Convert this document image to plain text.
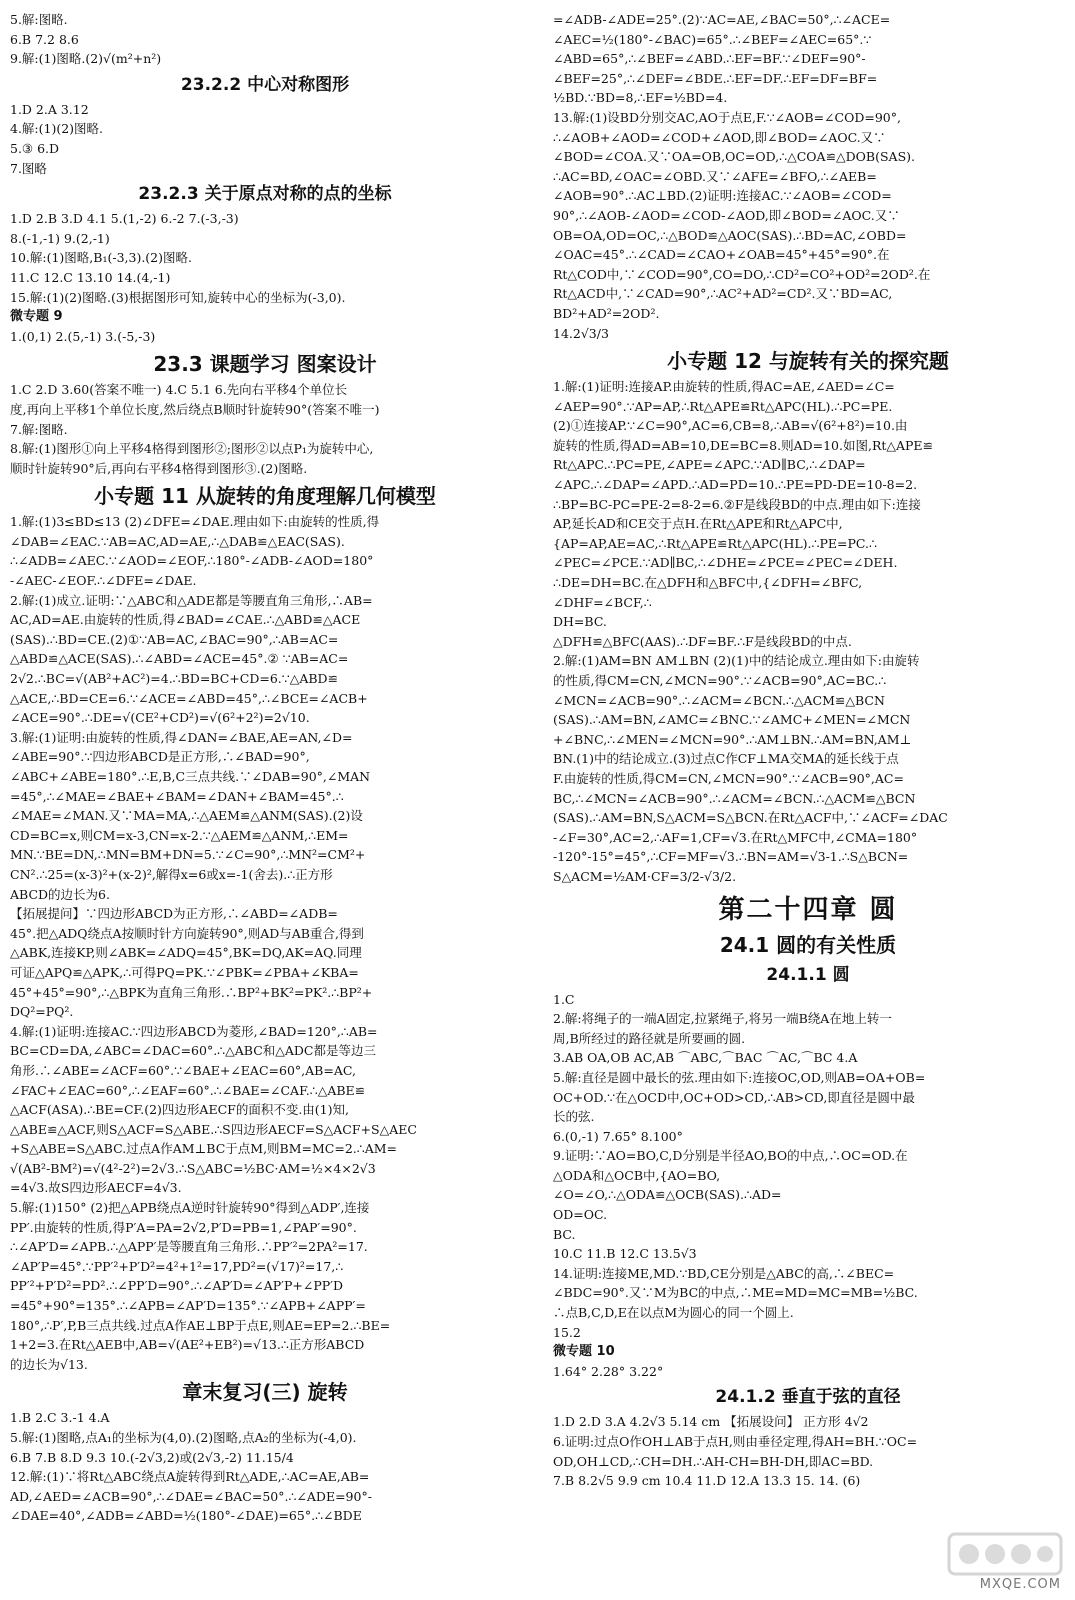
5.解:图略.
6.B 7.2 8.6
9.解:(1)图略.(2)√(m²+n²)
23.2.2 中心对称图形
1.D 2.A 3.12
4.解:(1)(2)图略.
5.③ 6.D
7.图略
23.2.3 关于原点对称的点的坐标
1.D 2.B 3.D 4.1 5.(1,-2) 6.-2 7.(-3,-3)
8.(-1,-1) 9.(2,-1)
10.解:(1)图略,B₁(-3,3).(2)图略.
11.C 12.C 13.10 14.(4,-1)
15.解:(1)(2)图略.(3)根据图形可知,旋转中心的坐标为(-3,0).
微专题 9
1.(0,1) 2.(5,-1) 3.(-5,-3)
23.3 课题学习 图案设计
1.C 2.D 3.60(答案不唯一) 4.C 5.1 6.先向右平移4个单位长
度,再向上平移1个单位长度,然后绕点B顺时针旋转90°(答案不唯一)
7.解:图略.
8.解:(1)图形①向上平移4格得到图形②;图形②以点P₁为旋转中心,
顺时针旋转90°后,再向右平移4格得到图形③.(2)图略.
小专题 11 从旋转的角度理解几何模型
1.解:(1)3≤BD≤13 (2)∠DFE=∠DAE.理由如下:由旋转的性质,得
∠DAB=∠EAC.∵AB=AC,AD=AE,∴△DAB≌△EAC(SAS).
∴∠ADB=∠AEC.∵∠AOD=∠EOF,∴180°-∠ADB-∠AOD=180°
-∠AEC-∠EOF.∴∠DFE=∠DAE.
2.解:(1)成立.证明:∵△ABC和△ADE都是等腰直角三角形,∴AB=
AC,AD=AE.由旋转的性质,得∠BAD=∠CAE.∴△ABD≌△ACE
(SAS).∴BD=CE.(2)①∵AB=AC,∠BAC=90°,∴AB=AC=
△ABD≌△ACE(SAS).∴∠ABD=∠ACE=45°.② ∵AB=AC=
2√2.∴BC=√(AB²+AC²)=4.∴BD=BC+CD=6.∵△ABD≌
△ACE,∴BD=CE=6.∵∠ACE=∠ABD=45°,∴∠BCE=∠ACB+
∠ACE=90°.∴DE=√(CE²+CD²)=√(6²+2²)=2√10.
3.解:(1)证明:由旋转的性质,得∠DAN=∠BAE,AE=AN,∠D=
∠ABE=90°.∵四边形ABCD是正方形,∴∠BAD=90°,
∠ABC+∠ABE=180°.∴E,B,C三点共线.∵∠DAB=90°,∠MAN
=45°,∴∠MAE=∠BAE+∠BAM=∠DAN+∠BAM=45°.∴
∠MAE=∠MAN.又∵MA=MA,∴△AEM≌△ANM(SAS).(2)设
CD=BC=x,则CM=x-3,CN=x-2.∵△AEM≌△ANM,∴EM=
MN.∵BE=DN,∴MN=BM+DN=5.∵∠C=90°,∴MN²=CM²+
CN².∴25=(x-3)²+(x-2)²,解得x=6或x=-1(舍去).∴正方形
ABCD的边长为6.
【拓展提问】∵四边形ABCD为正方形,∴∠ABD=∠ADB=
45°.把△ADQ绕点A按顺时针方向旋转90°,则AD与AB重合,得到
△ABK,连接KP,则∠ABK=∠ADQ=45°,BK=DQ,AK=AQ.同理
可证△APQ≌△APK,∴可得PQ=PK.∵∠PBK=∠PBA+∠KBA=
45°+45°=90°,∴△BPK为直角三角形.∴BP²+BK²=PK².∴BP²+
DQ²=PQ².
4.解:(1)证明:连接AC.∵四边形ABCD为菱形,∠BAD=120°,∴AB=
BC=CD=DA,∠ABC=∠DAC=60°.∴△ABC和△ADC都是等边三
角形.∴∠ABE=∠ACF=60°.∵∠BAE+∠EAC=60°,AB=AC,
∠FAC+∠EAC=60°,∴∠EAF=60°.∴∠BAE=∠CAF.∴△ABE≌
△ACF(ASA).∴BE=CF.(2)四边形AECF的面积不变.由(1)知,
△ABE≌△ACF,则S△ACF=S△ABE.∴S四边形AECF=S△ACF+S△AEC
+S△ABE=S△ABC.过点A作AM⊥BC于点M,则BM=MC=2.∴AM=
√(AB²-BM²)=√(4²-2²)=2√3.∴S△ABC=½BC·AM=½×4×2√3
=4√3.故S四边形AECF=4√3.
5.解:(1)150° (2)把△APB绕点A逆时针旋转90°得到△ADP′,连接
PP′.由旋转的性质,得P′A=PA=2√2,P′D=PB=1,∠PAP′=90°.
∴∠AP′D=∠APB.∴△APP′是等腰直角三角形.∴PP′²=2PA²=17.
∠AP′P=45°.∵PP′²+P′D²=4²+1²=17,PD²=(√17)²=17,∴
PP′²+P′D²=PD².∴∠PP′D=90°.∴∠AP′D=∠AP′P+∠PP′D
=45°+90°=135°.∴∠APB=∠AP′D=135°.∵∠APB+∠APP′=
180°,∴P′,P,B三点共线.过点A作AE⊥BP于点E,则AE=EP=2.∴BE=
1+2=3.在Rt△AEB中,AB=√(AE²+EB²)=√13.∴正方形ABCD
的边长为√13.
章末复习(三) 旋转
1.B 2.C 3.-1 4.A
5.解:(1)图略,点A₁的坐标为(4,0).(2)图略,点A₂的坐标为(-4,0).
6.B 7.B 8.D 9.3 10.(-2√3,2)或(2√3,-2) 11.15/4
12.解:(1)∵将Rt△ABC绕点A旋转得到Rt△ADE,∴AC=AE,AB=
AD,∠AED=∠ACB=90°,∴∠DAE=∠BAC=50°.∴∠ADE=90°-
∠DAE=40°,∠ADB=∠ABD=½(180°-∠DAE)=65°.∴∠BDE
=∠ADB-∠ADE=25°.(2)∵AC=AE,∠BAC=50°,∴∠ACE=
∠AEC=½(180°-∠BAC)=65°.∴∠BEF=∠AEC=65°.∵
∠ABD=65°,∴∠BEF=∠ABD.∴EF=BF.∵∠DEF=90°-
∠BEF=25°,∴∠DEF=∠BDE.∴EF=DF.∴EF=DF=BF=
½BD.∵BD=8,∴EF=½BD=4.
13.解:(1)设BD分别交AC,AO于点E,F.∵∠AOB=∠COD=90°,
∴∠AOB+∠AOD=∠COD+∠AOD,即∠BOD=∠AOC.又∵
∠BOD=∠COA.又∵OA=OB,OC=OD,∴△COA≌△DOB(SAS).
∴AC=BD,∠OAC=∠OBD.又∵∠AFE=∠BFO,∴∠AEB=
∠AOB=90°.∴AC⊥BD.(2)证明:连接AC.∵∠AOB=∠COD=
90°,∴∠AOB-∠AOD=∠COD-∠AOD,即∠BOD=∠AOC.又∵
OB=OA,OD=OC,∴△BOD≌△AOC(SAS).∴BD=AC,∠OBD=
∠OAC=45°.∴∠CAD=∠CAO+∠OAB=45°+45°=90°.在
Rt△COD中,∵∠COD=90°,CO=DO,∴CD²=CO²+OD²=2OD².在
Rt△ACD中,∵∠CAD=90°,∴AC²+AD²=CD².又∵BD=AC,
BD²+AD²=2OD².
14.2√3/3
小专题 12 与旋转有关的探究题
1.解:(1)证明:连接AP.由旋转的性质,得AC=AE,∠AED=∠C=
∠AEP=90°.∵AP=AP,∴Rt△APE≌Rt△APC(HL).∴PC=PE.
(2)①连接AP.∵∠C=90°,AC=6,CB=8,∴AB=√(6²+8²)=10.由
旋转的性质,得AD=AB=10,DE=BC=8.则AD=10.如图,Rt△APE≌
Rt△APC.∴PC=PE,∠APE=∠APC.∵AD∥BC,∴∠DAP=
∠APC.∴∠DAP=∠APD.∴AD=PD=10.∴PE=PD-DE=10-8=2.
∴BP=BC-PC=PE-2=8-2=6.②F是线段BD的中点.理由如下:连接
AP,延长AD和CE交于点H.在Rt△APE和Rt△APC中,
{AP=AP,AE=AC,∴Rt△APE≌Rt△APC(HL).∴PE=PC.∴
∠PEC=∠PCE.∵AD∥BC,∴∠DHE=∠PCE=∠PEC=∠DEH.
∴DE=DH=BC.在△DFH和△BFC中,{∠DFH=∠BFC,
∠DHF=∠BCF,∴
DH=BC.
△DFH≌△BFC(AAS).∴DF=BF.∴F是线段BD的中点.
2.解:(1)AM=BN AM⊥BN (2)(1)中的结论成立.理由如下:由旋转
的性质,得CM=CN,∠MCN=90°.∵∠ACB=90°,AC=BC.∴
∠MCN=∠ACB=90°.∴∠ACM=∠BCN.∴△ACM≌△BCN
(SAS).∴AM=BN,∠AMC=∠BNC.∵∠AMC+∠MEN=∠MCN
+∠BNC,∴∠MEN=∠MCN=90°.∴AM⊥BN.∴AM=BN,AM⊥
BN.(1)中的结论成立.(3)过点C作CF⊥MA交MA的延长线于点
F.由旋转的性质,得CM=CN,∠MCN=90°.∵∠ACB=90°,AC=
BC,∴∠MCN=∠ACB=90°.∴∠ACM=∠BCN.∴△ACM≌△BCN
(SAS).∴AM=BN,S△ACM=S△BCN.在Rt△ACF中,∵∠ACF=∠DAC
-∠F=30°,AC=2,∴AF=1,CF=√3.在Rt△MFC中,∠CMA=180°
-120°-15°=45°,∴CF=MF=√3.∴BN=AM=√3-1.∴S△BCN=
S△ACM=½AM·CF=3/2-√3/2.
第二十四章 圆
24.1 圆的有关性质
24.1.1 圆
1.C
2.解:将绳子的一端A固定,拉紧绳子,将另一端B绕A在地上转一
周,B所经过的路径就是所要画的圆.
3.AB OA,OB AC,AB ⌒ABC,⌒BAC ⌒AC,⌒BC 4.A
5.解:直径是圆中最长的弦.理由如下:连接OC,OD,则AB=OA+OB=
OC+OD.∵在△OCD中,OC+OD>CD,∴AB>CD,即直径是圆中最
长的弦.
6.(0,-1) 7.65° 8.100°
9.证明:∵AO=BO,C,D分别是半径AO,BO的中点,∴OC=OD.在
△ODA和△OCB中,{AO=BO,
∠O=∠O,∴△ODA≌△OCB(SAS).∴AD=
OD=OC.
BC.
10.C 11.B 12.C 13.5√3
14.证明:连接ME,MD.∵BD,CE分别是△ABC的高,∴∠BEC=
∠BDC=90°.又∵M为BC的中点,∴ME=MD=MC=MB=½BC.
∴点B,C,D,E在以点M为圆心的同一个圆上.
15.2
微专题 10
1.64° 2.28° 3.22°
24.1.2 垂直于弦的直径
1.D 2.D 3.A 4.2√3 5.14 cm 【拓展设问】 正方形 4√2
6.证明:过点O作OH⊥AB于点H,则由垂径定理,得AH=BH.∵OC=
OD,OH⊥CD,∴CH=DH.∴AH-CH=BH-DH,即AC=BD.
7.B 8.2√5 9.9 cm 10.4 11.D 12.A 13.3 15. 14. (6)
MXQE.COM
